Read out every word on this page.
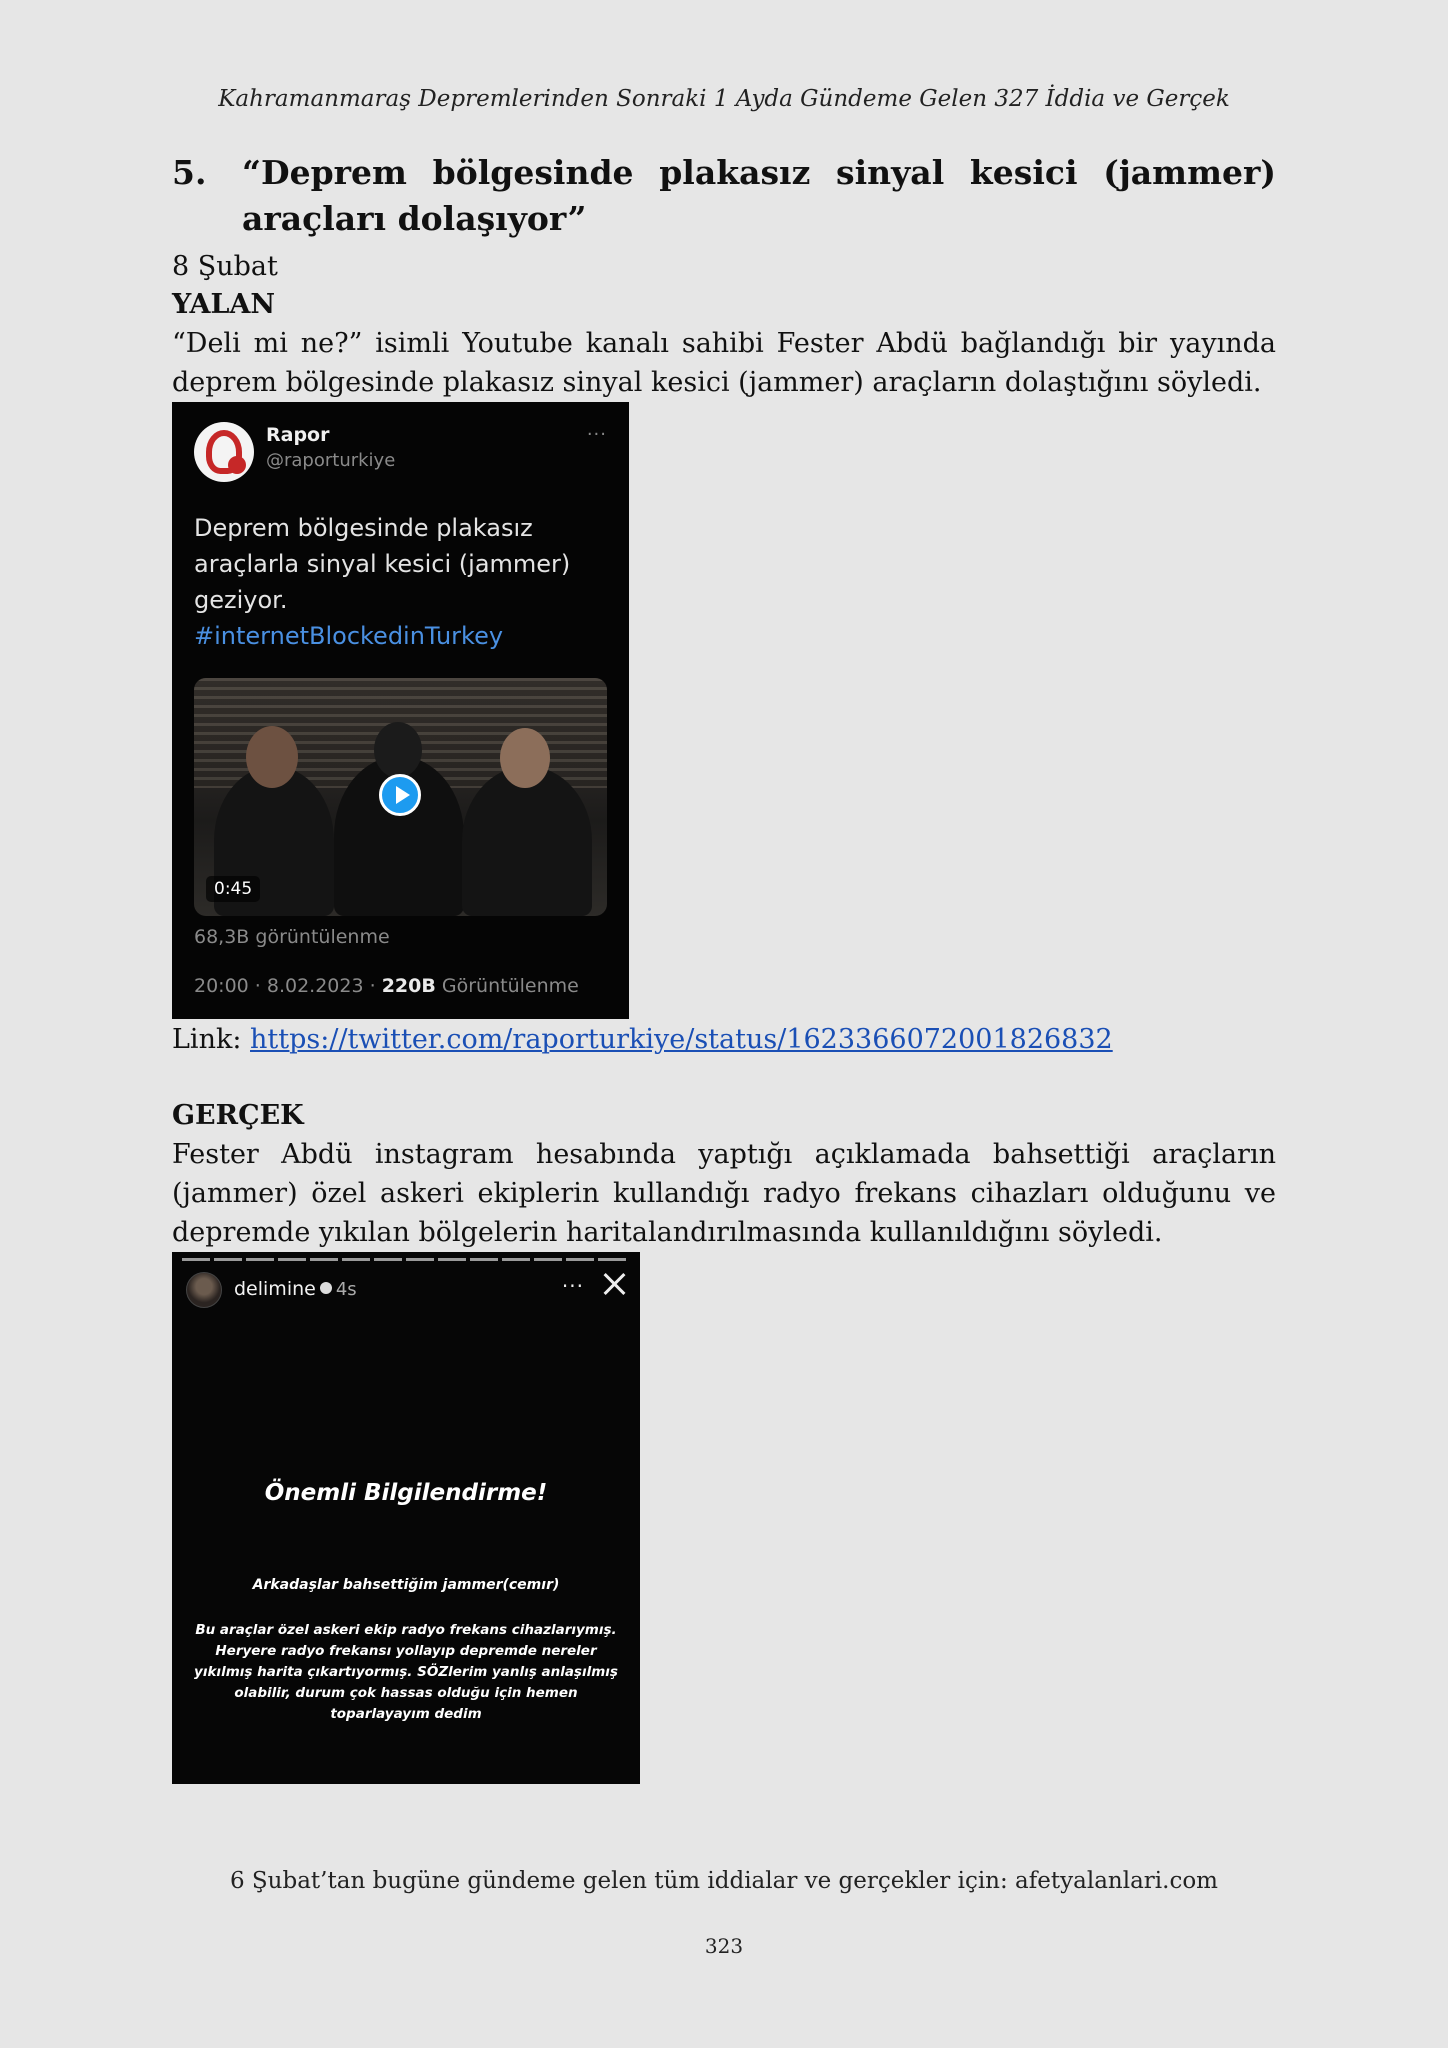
Kahramanmaraş Depremlerinden Sonraki 1 Ayda Gündeme Gelen 327 İddia ve Gerçek
5.	“Deprem bölgesinde plakasız sinyal kesici (jammer) araçları dolaşıyor”
8 Şubat
YALAN

“Deli mi ne?” isimli Youtube kanalı sahibi Fester Abdü bağlandığı bir yayında deprem bölgesinde plakasız sinyal kesici (jammer) araçların dolaştığını söyledi.

Rapor
@raporturkiye
···
Deprem bölgesinde plakasız araçlarla sinyal kesici (jammer) geziyor.
#internetBlockedinTurkey
0:45
68,3B görüntülenme
20:00 · 8.02.2023 · 220B Görüntülenme
Link: https://twitter.com/raporturkiye/status/1623366072001826832
GERÇEK

Fester Abdü instagram hesabında yaptığı açıklamada bahsettiği araçların (jammer) özel askeri ekiplerin kullandığı radyo frekans cihazları olduğunu ve depremde yıkılan bölgelerin haritalandırılmasında kullanıldığını söyledi.

delimine 4s	···
Önemli Bilgilendirme!
Arkadaşlar bahsettiğim jammer(cemır)
Bu araçlar özel askeri ekip radyo frekans cihazlarıymış. Heryere radyo frekansı yollayıp depremde nereler yıkılmış harita çıkartıyormış. SÖZlerim yanlış anlaşılmış olabilir, durum çok hassas olduğu için hemen toparlayayım dedim
6 Şubat’tan bugüne gündeme gelen tüm iddialar ve gerçekler için: afetyalanlari.com
323
